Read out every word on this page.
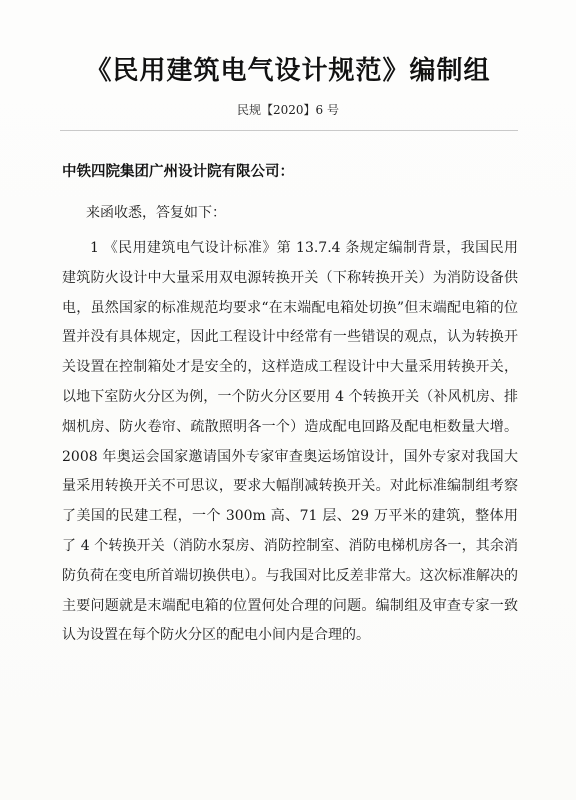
《民用建筑电气设计规范》编制组
民规【2020】6 号
中铁四院集团广州设计院有限公司：
来函收悉，答复如下：

1 《民用建筑电气设计标准》第 13.7.4 条规定编制背景，我国民用建筑防火设计中大量采用双电源转换开关（下称转换开关）为消防设备供电，虽然国家的标准规范均要求“在末端配电箱处切换”但末端配电箱的位置并没有具体规定，因此工程设计中经常有一些错误的观点，认为转换开关设置在控制箱处才是安全的，这样造成工程设计中大量采用转换开关，以地下室防火分区为例，一个防火分区要用 4 个转换开关（补风机房、排烟机房、防火卷帘、疏散照明各一个）造成配电回路及配电柜数量大增。2008 年奥运会国家邀请国外专家审查奥运场馆设计，国外专家对我国大量采用转换开关不可思议，要求大幅削减转换开关。对此标准编制组考察了美国的民建工程，一个 300m 高、71 层、29 万平米的建筑，整体用了 4 个转换开关（消防水泵房、消防控制室、消防电梯机房各一，其余消防负荷在变电所首端切换供电）。与我国对比反差非常大。这次标准解决的主要问题就是末端配电箱的位置何处合理的问题。编制组及审查专家一致认为设置在每个防火分区的配电小间内是合理的。
